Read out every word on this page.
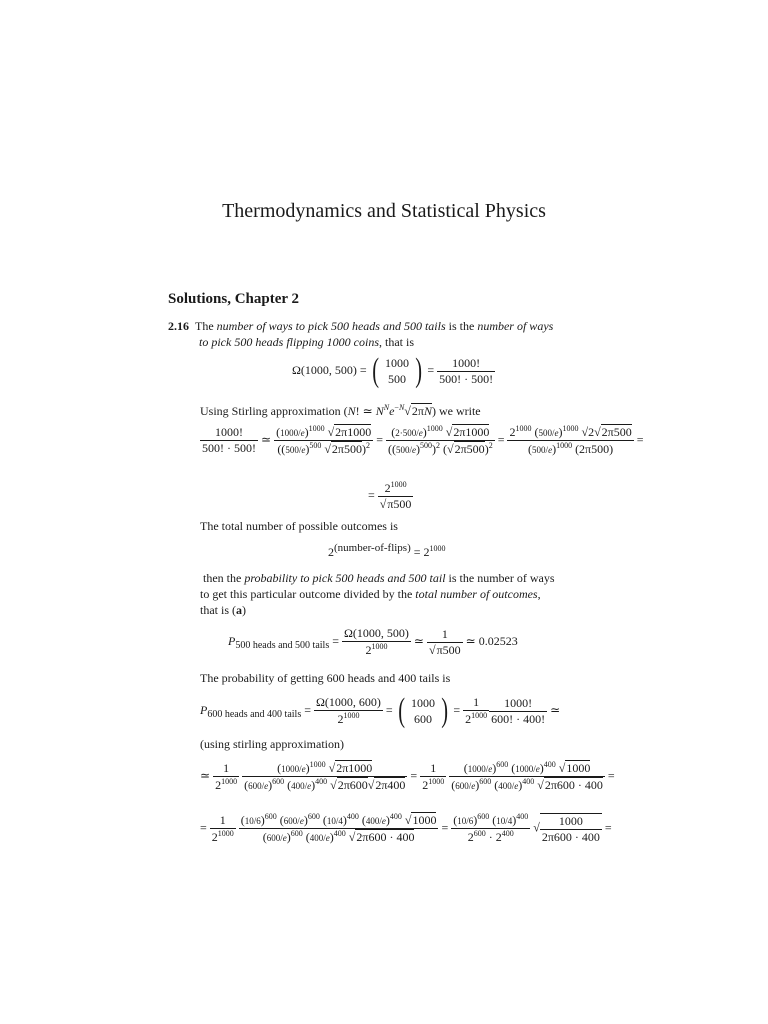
Thermodynamics and Statistical Physics
Solutions, Chapter 2
2.16 The number of ways to pick 500 heads and 500 tails is the number of ways
to pick 500 heads flipping 1000 coins, that is
Ω(1000, 500) = ( 1000
500 ) = $\frac{1000!}{500! \cdot 500!}$
Using Stirling approximation (N! ≃ $N^Ne^{-N}√2\pi N$) we write
$\frac{1000!}{500! \cdot 500!}$ ≃ $\frac{(1000/e)^{1000} √2\pi 1000}{((500/e)^{500} √2\pi 500)^2} = \frac{(2\cdot 500/e)^{1000} √2\pi 1000}{((500/e)^{500})^2 (√2\pi 500)^2} = \frac{2^{1000} (500/e)^{1000} √2√2\pi 500}{(500/e)^{1000} (2\pi 500)}$ =
= $\frac{2^{1000}}{√\pi 500}$
The total number of possible outcomes is
$2^{(number-of-flips)} = 2^{1000}$
then the probability to pick 500 heads and 500 tail is the number of ways
to get this particular outcome divided by the total number of outcomes,
that is (a)
$P_{500 heads and 500 tails} = \frac{\Omega(1000, 500)}{2^{1000}}$ ≃ $\frac{1}{√\pi 500}$ ≃ 0.02523
The probability of getting 600 heads and 400 tails is
$P_{600 heads and 400 tails} = \frac{\Omega(1000, 600)}{2^{1000}}$ = ( 1000
600 ) = $\frac{1}{2^{1000}} \frac{1000!}{600! \cdot 400!}$ ≃
(using stirling approximation)
≃ $\frac{1}{2^{1000}}$
$\frac{(1000/e)^{1000} √2\pi 1000}{(600/e)^{600} (400/e)^{400} √2\pi 600√2\pi 400} = \frac{1}{2^{1000}}$
$\frac{(1000/e)^{600} (1000/e)^{400} √1000}{(600/e)^{600} (400/e)^{400} √2\pi 600 \cdot 400}$ =
= $\frac{1}{2^{1000}}$
$\frac{(10/6)^{600} (600/e)^{600} (10/4)^{400} (400/e)^{400} √1000}{(600/e)^{600} (400/e)^{400} √2\pi 600 \cdot 400} = \frac{(10/6)^{600} (10/4)^{400}}{2^{600} \cdot 2^{400}}$ √ $\frac{1000}{2\pi 600 \cdot 400}$ =
